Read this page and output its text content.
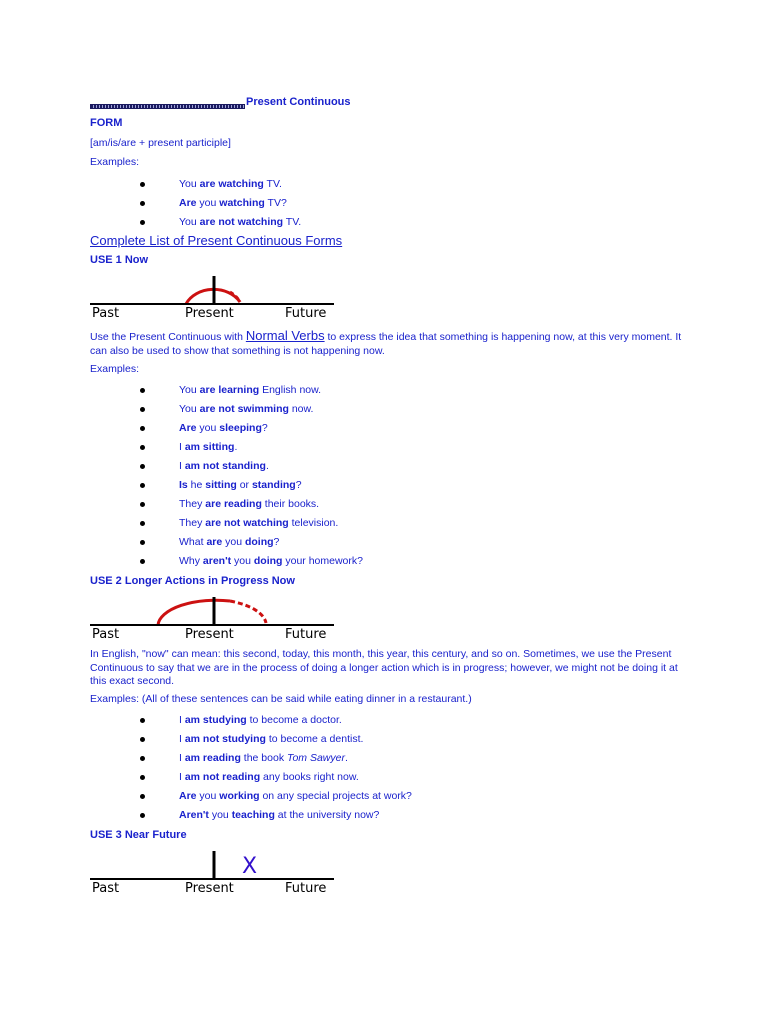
Present Continuous
FORM
[am/is/are + present participle]
Examples:
You are watching TV.
Are you watching TV?
You are not watching TV.
Complete List of Present Continuous Forms
USE 1 Now
Past	Present	Future
Use the Present Continuous with Normal Verbs to express the idea that something is happening now, at this very moment. It can also be used to show that something is not happening now.
Examples:
You are learning English now.
You are not swimming now.
Are you sleeping?
I am sitting.
I am not standing.
Is he sitting or standing?
They are reading their books.
They are not watching television.
What are you doing?
Why aren't you doing your homework?
USE 2 Longer Actions in Progress Now
Past	Present	Future
In English, "now" can mean: this second, today, this month, this year, this century, and so on. Sometimes, we use the Present Continuous to say that we are in the process of doing a longer action which is in progress; however, we might not be doing it at this exact second.
Examples: (All of these sentences can be said while eating dinner in a restaurant.)
I am studying to become a doctor.
I am not studying to become a dentist.
I am reading the book Tom Sawyer.
I am not reading any books right now.
Are you working on any special projects at work?
Aren't you teaching at the university now?
USE 3 Near Future
X
Past	Present	Future
